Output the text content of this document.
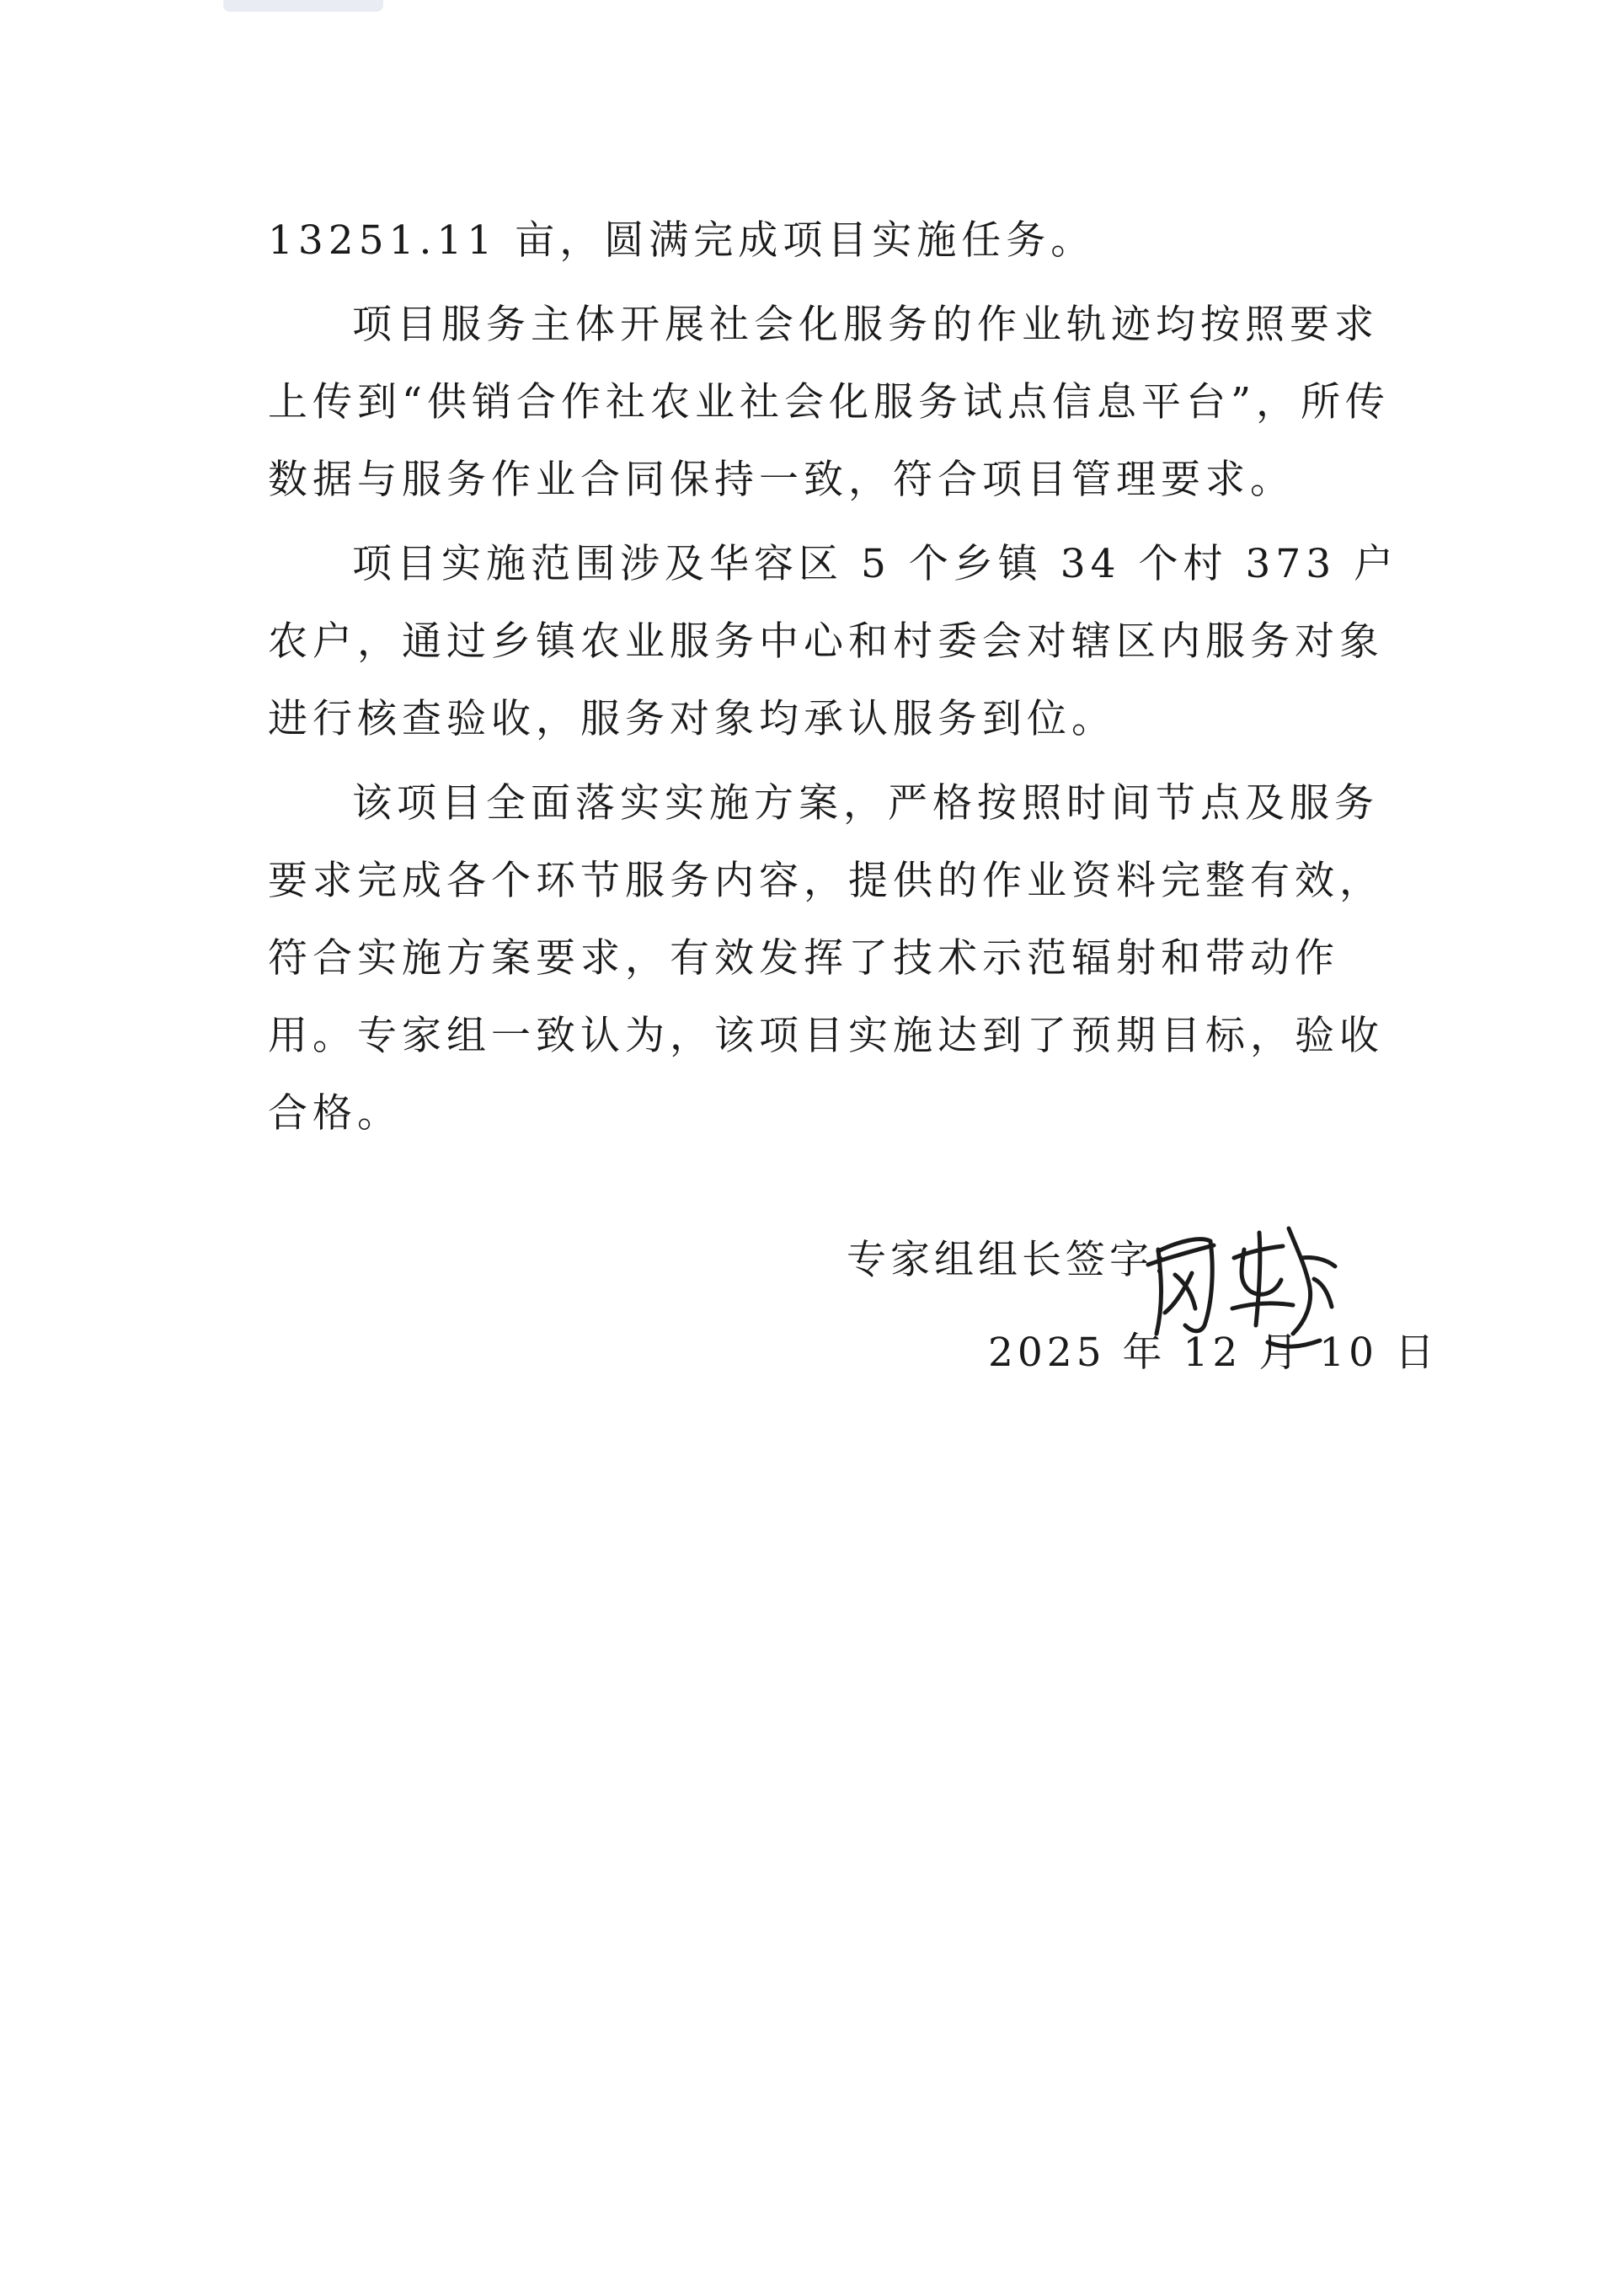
13251.11 亩，圆满完成项目实施任务。

项目服务主体开展社会化服务的作业轨迹均按照要求上传到“供销合作社农业社会化服务试点信息平台”，所传数据与服务作业合同保持一致，符合项目管理要求。

项目实施范围涉及华容区 5 个乡镇 34 个村 373 户农户，通过乡镇农业服务中心和村委会对辖区内服务对象进行核查验收，服务对象均承认服务到位。

该项目全面落实实施方案，严格按照时间节点及服务要求完成各个环节服务内容，提供的作业资料完整有效，符合实施方案要求，有效发挥了技术示范辐射和带动作用。专家组一致认为，该项目实施达到了预期目标，验收合格。

专家组组长签字:
2025 年 12 月 10 日
